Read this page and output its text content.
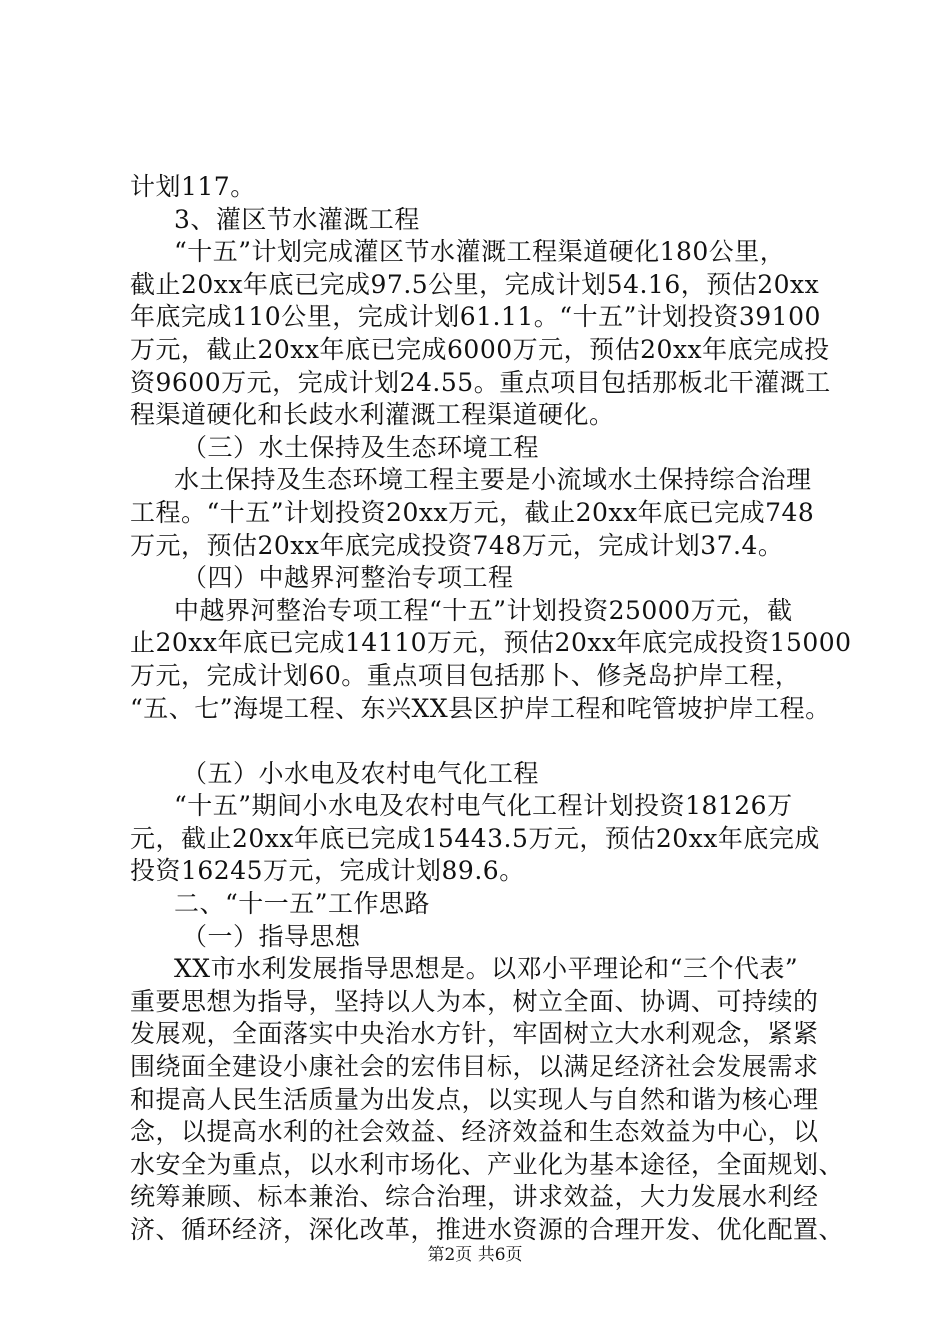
计划117。
3、灌区节水灌溉工程
“十五”计划完成灌区节水灌溉工程渠道硬化180公里，
截止20xx年底已完成97.5公里，完成计划54.16，预估20xx
年底完成110公里，完成计划61.11。“十五”计划投资39100
万元，截止20xx年底已完成6000万元，预估20xx年底完成投
资9600万元，完成计划24.55。重点项目包括那板北干灌溉工
程渠道硬化和长歧水利灌溉工程渠道硬化。
（三）水土保持及生态环境工程
水土保持及生态环境工程主要是小流域水土保持综合治理
工程。“十五”计划投资20xx万元，截止20xx年底已完成748
万元，预估20xx年底完成投资748万元，完成计划37.4。
（四）中越界河整治专项工程
中越界河整治专项工程“十五”计划投资25000万元，截
止20xx年底已完成14110万元，预估20xx年底完成投资15000
万元，完成计划60。重点项目包括那卜、修尧岛护岸工程，
“五、七”海堤工程、东兴XX县区护岸工程和咤管坡护岸工程。
（五）小水电及农村电气化工程
“十五”期间小水电及农村电气化工程计划投资18126万
元，截止20xx年底已完成15443.5万元，预估20xx年底完成
投资16245万元，完成计划89.6。
二、“十一五”工作思路
（一）指导思想
XX市水利发展指导思想是。以邓小平理论和“三个代表”
重要思想为指导，坚持以人为本，树立全面、协调、可持续的
发展观，全面落实中央治水方针，牢固树立大水利观念，紧紧
围绕面全建设小康社会的宏伟目标，以满足经济社会发展需求
和提高人民生活质量为出发点，以实现人与自然和谐为核心理
念，以提高水利的社会效益、经济效益和生态效益为中心，以
水安全为重点，以水利市场化、产业化为基本途径，全面规划、
统筹兼顾、标本兼治、综合治理，讲求效益，大力发展水利经
济、循环经济，深化改革，推进水资源的合理开发、优化配置、
第2页 共6页
